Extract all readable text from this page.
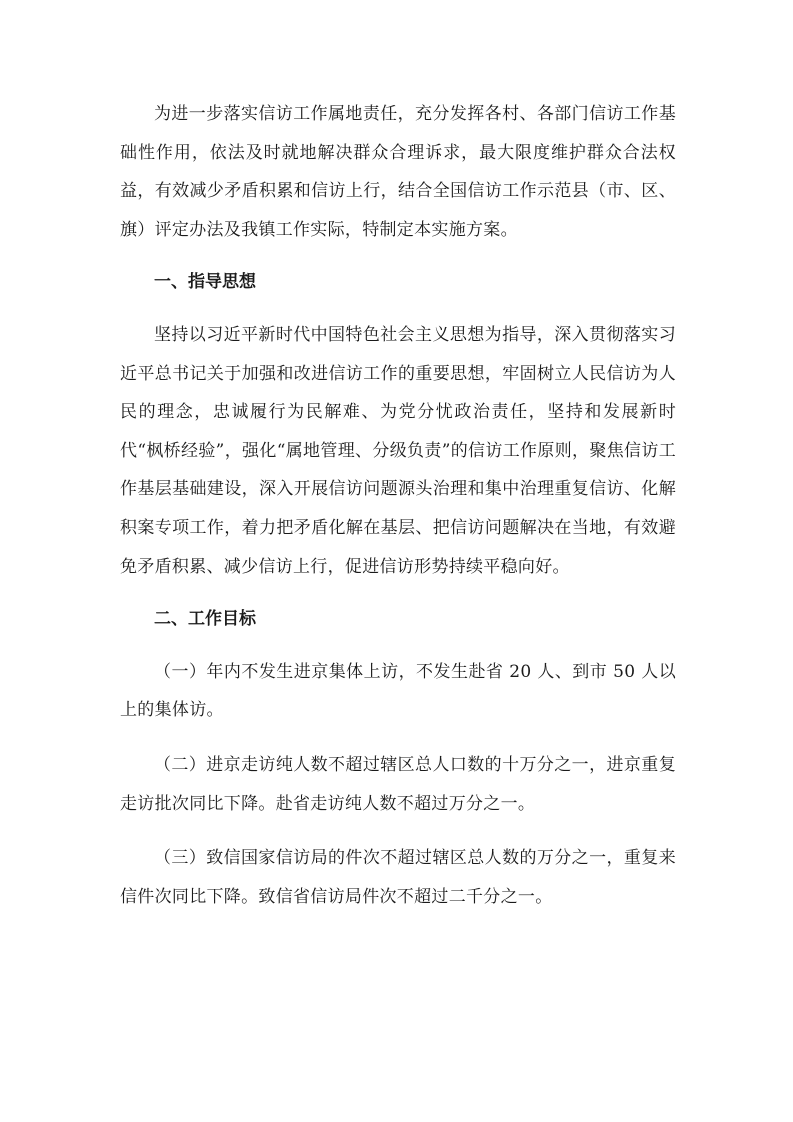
为进一步落实信访工作属地责任，充分发挥各村、各部门信访工作基础性作用，依法及时就地解决群众合理诉求，最大限度维护群众合法权益，有效减少矛盾积累和信访上行，结合全国信访工作示范县（市、区、旗）评定办法及我镇工作实际，特制定本实施方案。

一、指导思想

坚持以习近平新时代中国特色社会主义思想为指导，深入贯彻落实习近平总书记关于加强和改进信访工作的重要思想，牢固树立人民信访为人民的理念，忠诚履行为民解难、为党分忧政治责任，坚持和发展新时代“枫桥经验”，强化“属地管理、分级负责”的信访工作原则，聚焦信访工作基层基础建设，深入开展信访问题源头治理和集中治理重复信访、化解积案专项工作，着力把矛盾化解在基层、把信访问题解决在当地，有效避免矛盾积累、减少信访上行，促进信访形势持续平稳向好。

二、工作目标

（一）年内不发生进京集体上访，不发生赴省 20 人、到市 50 人以上的集体访。

（二）进京走访纯人数不超过辖区总人口数的十万分之一，进京重复走访批次同比下降。赴省走访纯人数不超过万分之一。

（三）致信国家信访局的件次不超过辖区总人数的万分之一，重复来信件次同比下降。致信省信访局件次不超过二千分之一。
